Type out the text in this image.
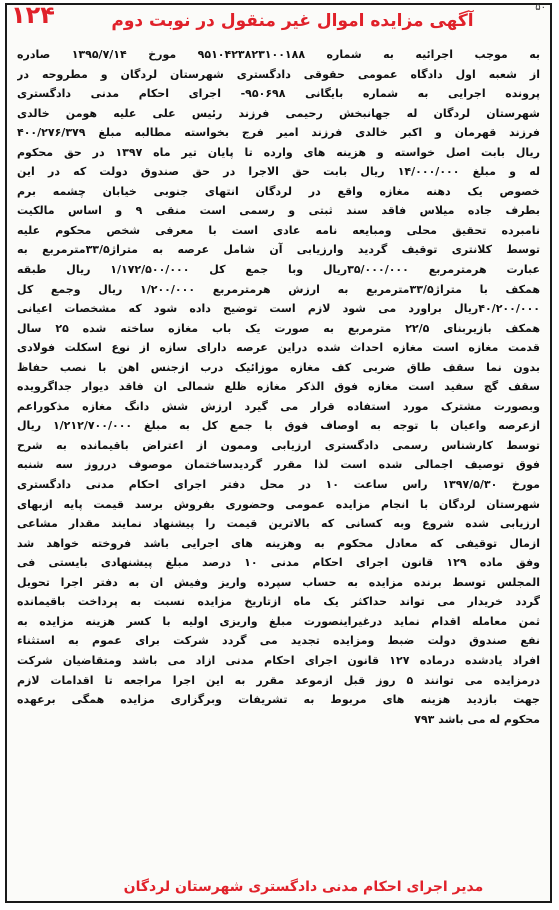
۱۲۴	۵۰
آگهی مزایده اموال غیر منقول در نوبت دوم
به موجب اجرائیه به شماره ۹۵۱۰۴۲۳۸۲۳۱۰۰۱۸۸ مورخ ۱۳۹۵/۷/۱۴ صادره
از شعبه اول دادگاه عمومی حقوقی دادگستری شهرستان لردگان و مطروحه در
پرونده اجرایی به شماره بایگانی ۹۵۰۶۹۸- اجرای احکام مدنی دادگستری
شهرستان لردگان له جهانبخش رحیمی فرزند رئیس علی علیه هومن خالدی
فرزند قهرمان و اکبر خالدی فرزند امیر فرج بخواسته مطالبه مبلغ ۴۰۰/۲۷۶/۳۷۹
ریال بابت اصل خواسته و هزینه های وارده تا پایان تیر ماه ۱۳۹۷ در حق محکوم
له و مبلغ ۱۴/۰۰۰/۰۰۰ ریال بابت حق الاجرا در حق صندوق دولت که در این
خصوص یک دهنه مغازه واقع در لردگان انتهای جنوبی خیابان چشمه برم
بطرف جاده میلاس فاقد سند ثبتی و رسمی است منقی ۹ و اساس مالکیت
نامبرده تحقیق محلی ومبایعه نامه عادی است با معرفی شخص محکوم علیه
توسط کلانتری توقیف گردید وارزیابی آن شامل عرصه به متراژ۳۳/۵مترمربع به
عبارت هرمترمربع ۳۵/۰۰۰/۰۰۰ریال وبا جمع کل ۱/۱۷۲/۵۰۰/۰۰۰ ریال طبقه
همکف با متراژ۳۳/۵مترمربع به ارزش هرمترمربع ۱/۲۰۰/۰۰۰ ریال وجمع کل
۴۰/۲۰۰/۰۰۰ریال براورد می شود لازم است توضیح داده شود که مشخصات اعیانی
همکف بازیربنای ۲۲/۵ مترمربع به صورت یک باب مغازه ساخته شده ۲۵ سال
قدمت مغازه است مغازه احداث شده دراین عرصه دارای سازه از نوع اسکلت فولادی
بدون نما سقف طاق ضربی کف مغازه موزائیک درب ازجنس اهن با نصب حفاظ
سقف گچ سفید است مغازه فوق الذکر مغازه ظلع شمالی ان فاقد دیوار جداگرویده
وبصورت مشترک مورد استفاده قرار می گیرد ارزش شش دانگ مغازه مذکوراعم
ازعرصه واعیان با توجه به اوصاف فوق با جمع کل به مبلغ ۱/۲۱۲/۷۰۰/۰۰۰ ریال
توسط کارشناس رسمی دادگستری ارزیابی وممون از اعتراض باقیمانده به شرح
فوق توصیف اجمالی شده است لذا مقرر گردیدساختمان موصوف درروز سه شنبه
مورخ ۱۳۹۷/۵/۳۰ راس ساعت ۱۰ در محل دفتر اجرای احکام مدنی دادگستری
شهرستان لردگان با انجام مزایده عمومی وحضوری بفروش برسد قیمت پایه ازبهای
ارزیابی شده شروع وبه کسانی که بالاترین قیمت را پیشنهاد نمایند مقدار مشاعی
ازمال توقیفی که معادل محکوم به وهزینه های اجرایی باشد فروخته خواهد شد
وفق ماده ۱۲۹ قانون اجرای احکام مدنی ۱۰ درصد مبلغ پیشنهادی بایستی فی
المجلس توسط برنده مزایده به حساب سپرده واریز وفیش ان به دفتر اجرا تحویل
گردد خریدار می تواند حداکثر یک ماه ازتاریخ مزایده نسبت به پرداخت باقیمانده
ثمن معامله اقدام نماید درغیراینصورت مبلغ واریزی اولیه با کسر هزینه مزایده به
نفع صندوق دولت ضبط ومزایده تجدید می گردد شرکت برای عموم به استثناء
افراد یادشده درماده ۱۲۷ قانون اجرای احکام مدنی ازاد می باشد ومتقاضیان شرکت
درمزایده می توانند ۵ روز قبل ازموعد مقرر به این اجرا مراجعه تا اقدامات لازم
جهت بازدید هزینه های مربوط به تشریفات وبرگزاری مزایده همگی برعهده
محکوم له می باشد ۷۹۳
مدیر اجرای احکام مدنی دادگستری شهرستان لردگان
